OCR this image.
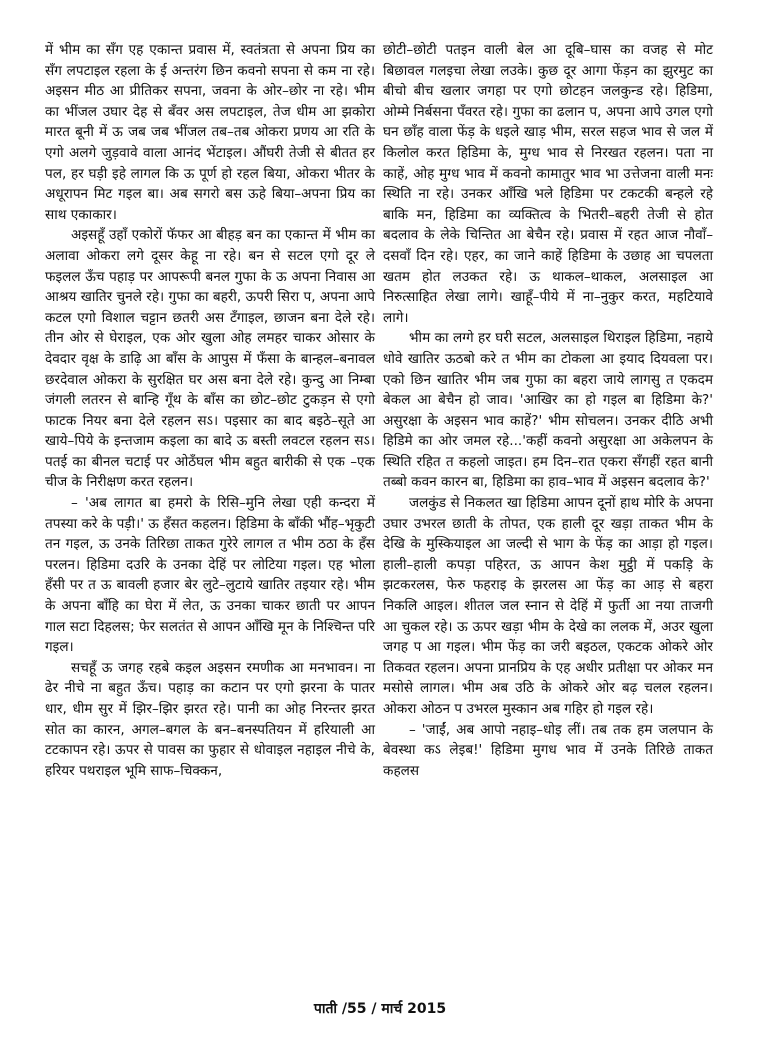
में भीम का सँग एह एकान्त प्रवास में, स्वतंत्रता से अपना प्रिय का सँग लपटाइल रहला के ई अन्तरंग छिन कवनो सपना से कम ना रहे। अइसन मीठ आ प्रीतिकर सपना, जवना के ओर–छोर ना रहे। भीम का भींजल उघार देह से बँवर अस लपटाइल, तेज धीम आ झकोरा मारत बूनी में ऊ जब जब भींजल तब–तब ओकरा प्रणय आ रति के एगो अलगे जुड़वावे वाला आनंद भेंटाइल। औंघरी तेजी से बीतत हर पल, हर घड़ी इहे लागल कि ऊ पूर्ण हो रहल बिया, ओकरा भीतर के अधूरापन मिट गइल बा। अब सगरो बस ऊहे बिया–अपना प्रिय का साथ एकाकार।

अइसहूँ उहाँ एकोरों फॅफर आ बीहड़ बन का एकान्त में भीम का अलावा ओकरा लगे दूसर केहू ना रहे। बन से सटल एगो दूर ले फइलल ऊँच पहाड़ पर आपरूपी बनल गुफा के ऊ अपना निवास आ आश्रय खातिर चुनले रहे। गुफा का बहरी, ऊपरी सिरा प, अपना आपे कटल एगो विशाल चट्टान छतरी अस टॅंगाइल, छाजन बना देले रहे। तीन ओर से घेराइल, एक ओर खुला ओह लमहर चाकर ओसार के देवदार वृक्ष के डाढ़ि आ बाँस के आपुस में फँसा के बान्हल–बनावल छरदेवाल ओकरा के सुरक्षित घर अस बना देले रहे। कुन्दु आ निम्बा जंगली लतरन से बान्हि गूँथ के बाँस का छोट–छोट टुकड़न से एगो फाटक नियर बना देले रहलन सऽ। पइसार का बाद बइठे–सूते आ खाये–पिये के इन्तजाम कइला का बादे ऊ बस्ती लवटल रहलन सऽ। पतई का बीनल चटाई पर ओठँघल भीम बहुत बारीकी से एक –एक चीज के निरीक्षण करत रहलन।

– 'अब लागत बा हमरो के रिसि–मुनि लेखा एही कन्दरा में तपस्या करे के पड़ी।' ऊ हँसत कहलन। हिडिमा के बाँकी भौंह–भृकुटी तन गइल, ऊ उनके तिरिछा ताकत गुरेरे लागल त भीम ठठा के हँस परलन। हिडिमा दउरि के उनका देहिं पर लोटिया गइल। एह भोला हँसी पर त ऊ बावली हजार बेर लुटे–लुटाये खातिर तइयार रहे। भीम के अपना बाँहि का घेरा में लेत, ऊ उनका चाकर छाती पर आपन गाल सटा दिहलस; फेर सलतंत से आपन आँखि मून के निश्चिन्त परि गइल।

सचहूँ ऊ जगह रहबे कइल अइसन रमणीक आ मनभावन। ना ढेर नीचे ना बहुत ऊँच। पहाड़ का कटान पर एगो झरना के पातर धार, धीम सुर में झिर–झिर झरत रहे। पानी का ओह निरन्तर झरत सोत का कारन, अगल–बगल के बन–बनस्पतियन में हरियाली आ टटकापन रहे। ऊपर से पावस का फुहार से धोवाइल नहाइल नीचे के, हरियर पथराइल भूमि साफ–चिक्कन,

छोटी–छोटी पतइन वाली बेल आ दूबि–घास का वजह से मोट बिछावल गलइचा लेखा लउके। कुछ दूर आगा फेंड़न का झुरमुट का बीचो बीच खलार जगहा पर एगो छोटहन जलकुन्ड रहे। हिडिमा, ओम्मे निर्बसना पँवरत रहे। गुफा का ढलान प, अपना आपे उगल एगो घन छाँह वाला फेंड़ के धइले खाड़ भीम, सरल सहज भाव से जल में किलोल करत हिडिमा के, मुग्ध भाव से निरखत रहलन। पता ना काहें, ओह मुग्ध भाव में कवनो कामातुर भाव भा उत्तेजना वाली मनः स्थिति ना रहे। उनकर आँखि भले हिडिमा पर टकटकी बन्हले रहे बाकि मन, हिडिमा का व्यक्तित्व के भितरी–बहरी तेजी से होत बदलाव के लेके चिन्तित आ बेचैन रहे। प्रवास में रहत आज नौवाँ–दसवाँ दिन रहे। एहर, का जाने काहें हिडिमा के उछाह आ चपलता खतम होत लउकत रहे। ऊ थाकल–थाकल, अलसाइल आ निरुत्साहित लेखा लागे। खाहूँ–पीये में ना–नुकुर करत, महटियावे लागे।

भीम का लग्गे हर घरी सटल, अलसाइल थिराइल हिडिमा, नहाये धोवे खातिर ऊठबो करे त भीम का टोकला आ इयाद दियवला पर। एको छिन खातिर भीम जब गुफा का बहरा जाये लागसु त एकदम बेकल आ बेचैन हो जाव। 'आखिर का हो गइल बा हिडिमा के?' असुरक्षा के अइसन भाव काहें?' भीम सोचलन। उनकर दीठि अभी हिडिमे का ओर जमल रहे...'कहीं कवनो असुरक्षा आ अकेलपन के स्थिति रहित त कहलो जाइत। हम दिन–रात एकरा सँगहीं रहत बानी तब्बो कवन कारन बा, हिडिमा का हाव–भाव में अइसन बदलाव के?'

जलकुंड से निकलत खा हिडिमा आपन दूनों हाथ मोरि के अपना उघार उभरल छाती के तोपत, एक हाली दूर खड़ा ताकत भीम के देखि के मुस्कियाइल आ जल्दी से भाग के फेंड़ का आड़ा हो गइल। हाली–हाली कपड़ा पहिरत, ऊ आपन केश मुट्ठी में पकड़ि के झटकरलस, फेरु फहराइ के झरलस आ फेंड़ का आड़ से बहरा निकलि आइल। शीतल जल स्नान से देहिं में फुर्ती आ नया ताजगी आ चुकल रहे। ऊ ऊपर खड़ा भीम के देखे का ललक में, अउर खुला जगह प आ गइल। भीम फेंड़ का जरी बइठल, एकटक ओकरे ओर तिकवत रहलन। अपना प्रानप्रिय के एह अधीर प्रतीक्षा पर ओकर मन मसोसे लागल। भीम अब उठि के ओकरे ओर बढ़ चलल रहलन। ओकरा ओठन प उभरल मुस्कान अब गहिर हो गइल रहे।

– 'जाईं, अब आपो नहाइ–धोइ लीं। तब तक हम जलपान के बेवस्था कऽ लेइब!' हिडिमा मुगध भाव में उनके तिरिछे ताकत कहलस

पाती /55 / मार्च 2015
